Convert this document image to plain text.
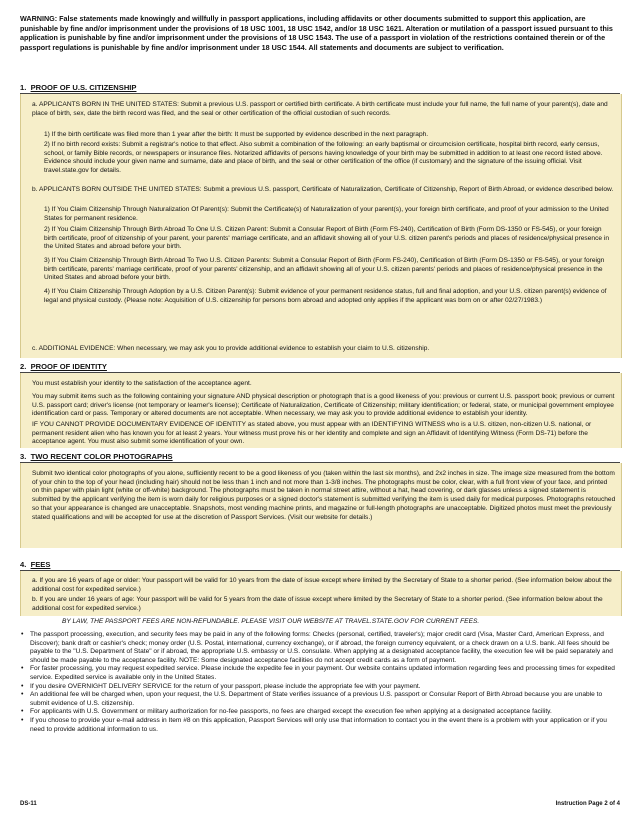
WARNING: False statements made knowingly and willfully in passport applications, including affidavits or other documents submitted to support this application, are punishable by fine and/or imprisonment under the provisions of 18 USC 1001, 18 USC 1542, and/or 18 USC 1621. Alteration or mutilation of a passport issued pursuant to this application is punishable by fine and/or imprisonment under the provisions of 18 USC 1543. The use of a passport in violation of the restrictions contained therein or of the passport regulations is punishable by fine and/or imprisonment under 18 USC 1544. All statements and documents are subject to verification.
1. PROOF OF U.S. CITIZENSHIP
a. APPLICANTS BORN IN THE UNITED STATES: Submit a previous U.S. passport or certified birth certificate. A birth certificate must include your full name, the full name of your parent(s), date and place of birth, sex, date the birth record was filed, and the seal or other certification of the official custodian of such records.
1) If the birth certificate was filed more than 1 year after the birth: It must be supported by evidence described in the next paragraph.
2) If no birth record exists: Submit a registrar's notice to that effect. Also submit a combination of the following: an early baptismal or circumcision certificate, hospital birth record, early census, school, or family Bible records, or newspapers or insurance files. Notarized affidavits of persons having knowledge of your birth may be submitted in addition to at least one record listed above. Evidence should include your given name and surname, date and place of birth, and the seal or other certification of the office (if customary) and the signature of the issuing official. Visit travel.state.gov for details.
b. APPLICANTS BORN OUTSIDE THE UNITED STATES: Submit a previous U.S. passport, Certificate of Naturalization, Certificate of Citizenship, Report of Birth Abroad, or evidence described below.
1) If You Claim Citizenship Through Naturalization Of Parent(s): Submit the Certificate(s) of Naturalization of your parent(s), your foreign birth certificate, and proof of your admission to the United States for permanent residence.
2) If You Claim Citizenship Through Birth Abroad To One U.S. Citizen Parent: Submit a Consular Report of Birth (Form FS-240), Certification of Birth (Form DS-1350 or FS-545), or your foreign birth certificate, proof of citizenship of your parent, your parents' marriage certificate, and an affidavit showing all of your U.S. citizen parent's periods and places of residence/physical presence in the United States and abroad before your birth.
3) If You Claim Citizenship Through Birth Abroad To Two U.S. Citizen Parents: Submit a Consular Report of Birth (Form FS-240), Certification of Birth (Form DS-1350 or FS-545), or your foreign birth certificate, parents' marriage certificate, proof of your parents' citizenship, and an affidavit showing all of your U.S. citizen parents' periods and places of residence/physical presence in the United States and abroad before your birth.
4) If You Claim Citizenship Through Adoption by a U.S. Citizen Parent(s): Submit evidence of your permanent residence status, full and final adoption, and your U.S. citizen parent(s) evidence of legal and physical custody. (Please note: Acquisition of U.S. citizenship for persons born abroad and adopted only applies if the applicant was born on or after 02/27/1983.)
c. ADDITIONAL EVIDENCE: When necessary, we may ask you to provide additional evidence to establish your claim to U.S. citizenship.
2. PROOF OF IDENTITY
You must establish your identity to the satisfaction of the acceptance agent.
You may submit items such as the following containing your signature AND physical description or photograph that is a good likeness of you: previous or current U.S. passport book; previous or current U.S. passport card; driver's license (not temporary or learner's license); Certificate of Naturalization, Certificate of Citizenship; military identification; or federal, state, or municipal government employee identification card or pass. Temporary or altered documents are not acceptable. When necessary, we may ask you to provide additional evidence to establish your identity.
IF YOU CANNOT PROVIDE DOCUMENTARY EVIDENCE OF IDENTITY as stated above, you must appear with an IDENTIFYING WITNESS who is a U.S. citizen, non-citizen U.S. national, or permanent resident alien who has known you for at least 2 years. Your witness must prove his or her identity and complete and sign an Affidavit of Identifying Witness (Form DS-71) before the acceptance agent. You must also submit some identification of your own.
3. TWO RECENT COLOR PHOTOGRAPHS
Submit two identical color photographs of you alone, sufficiently recent to be a good likeness of you (taken within the last six months), and 2x2 inches in size. The image size measured from the bottom of your chin to the top of your head (including hair) should not be less than 1 inch and not more than 1-3/8 inches. The photographs must be color, clear, with a full front view of your face, and printed on thin paper with plain light (white or off-white) background. The photographs must be taken in normal street attire, without a hat, head covering, or dark glasses unless a signed statement is submitted by the applicant verifying the item is worn daily for religious purposes or a signed doctor's statement is submitted verifying the item is used daily for medical purposes. Photographs retouched so that your appearance is changed are unacceptable. Snapshots, most vending machine prints, and magazine or full-length photographs are unacceptable. Digitized photos must meet the previously stated qualifications and will be accepted for use at the discretion of Passport Services. (Visit our website for details.)
4. FEES
a. If you are 16 years of age or older: Your passport will be valid for 10 years from the date of issue except where limited by the Secretary of State to a shorter period. (See information below about the additional cost for expedited service.)
b. If you are under 16 years of age: Your passport will be valid for 5 years from the date of issue except where limited by the Secretary of State to a shorter period. (See information below about the additional cost for expedited service.)
BY LAW, THE PASSPORT FEES ARE NON-REFUNDABLE. PLEASE VISIT OUR WEBSITE AT TRAVEL.STATE.GOV FOR CURRENT FEES.
• The passport processing, execution, and security fees may be paid in any of the following forms: Checks (personal, certified, traveler's); major credit card (Visa, Master Card, American Express, and Discover); bank draft or cashier's check; money order (U.S. Postal, international, currency exchange), or if abroad, the foreign currency equivalent, or a check drawn on a U.S. bank. All fees should be payable to the "U.S. Department of State" or if abroad, the appropriate U.S. embassy or U.S. consulate. When applying at a designated acceptance facility, the execution fee will be paid separately and should be made payable to the acceptance facility. NOTE: Some designated acceptance facilities do not accept credit cards as a form of payment.
• For faster processing, you may request expedited service. Please include the expedite fee in your payment. Our website contains updated information regarding fees and processing times for expedited service. Expedited service is available only in the United States.
• If you desire OVERNIGHT DELIVERY SERVICE for the return of your passport, please include the appropriate fee with your payment.
• An additional fee will be charged when, upon your request, the U.S. Department of State verifies issuance of a previous U.S. passport or Consular Report of Birth Abroad because you are unable to submit evidence of U.S. citizenship.
• For applicants with U.S. Government or military authorization for no-fee passports, no fees are charged except the execution fee when applying at a designated acceptance facility.
• If you choose to provide your e-mail address in Item #8 on this application, Passport Services will only use that information to contact you in the event there is a problem with your application or if you need to provide additional information to us.
DS-11	Instruction Page 2 of 4
